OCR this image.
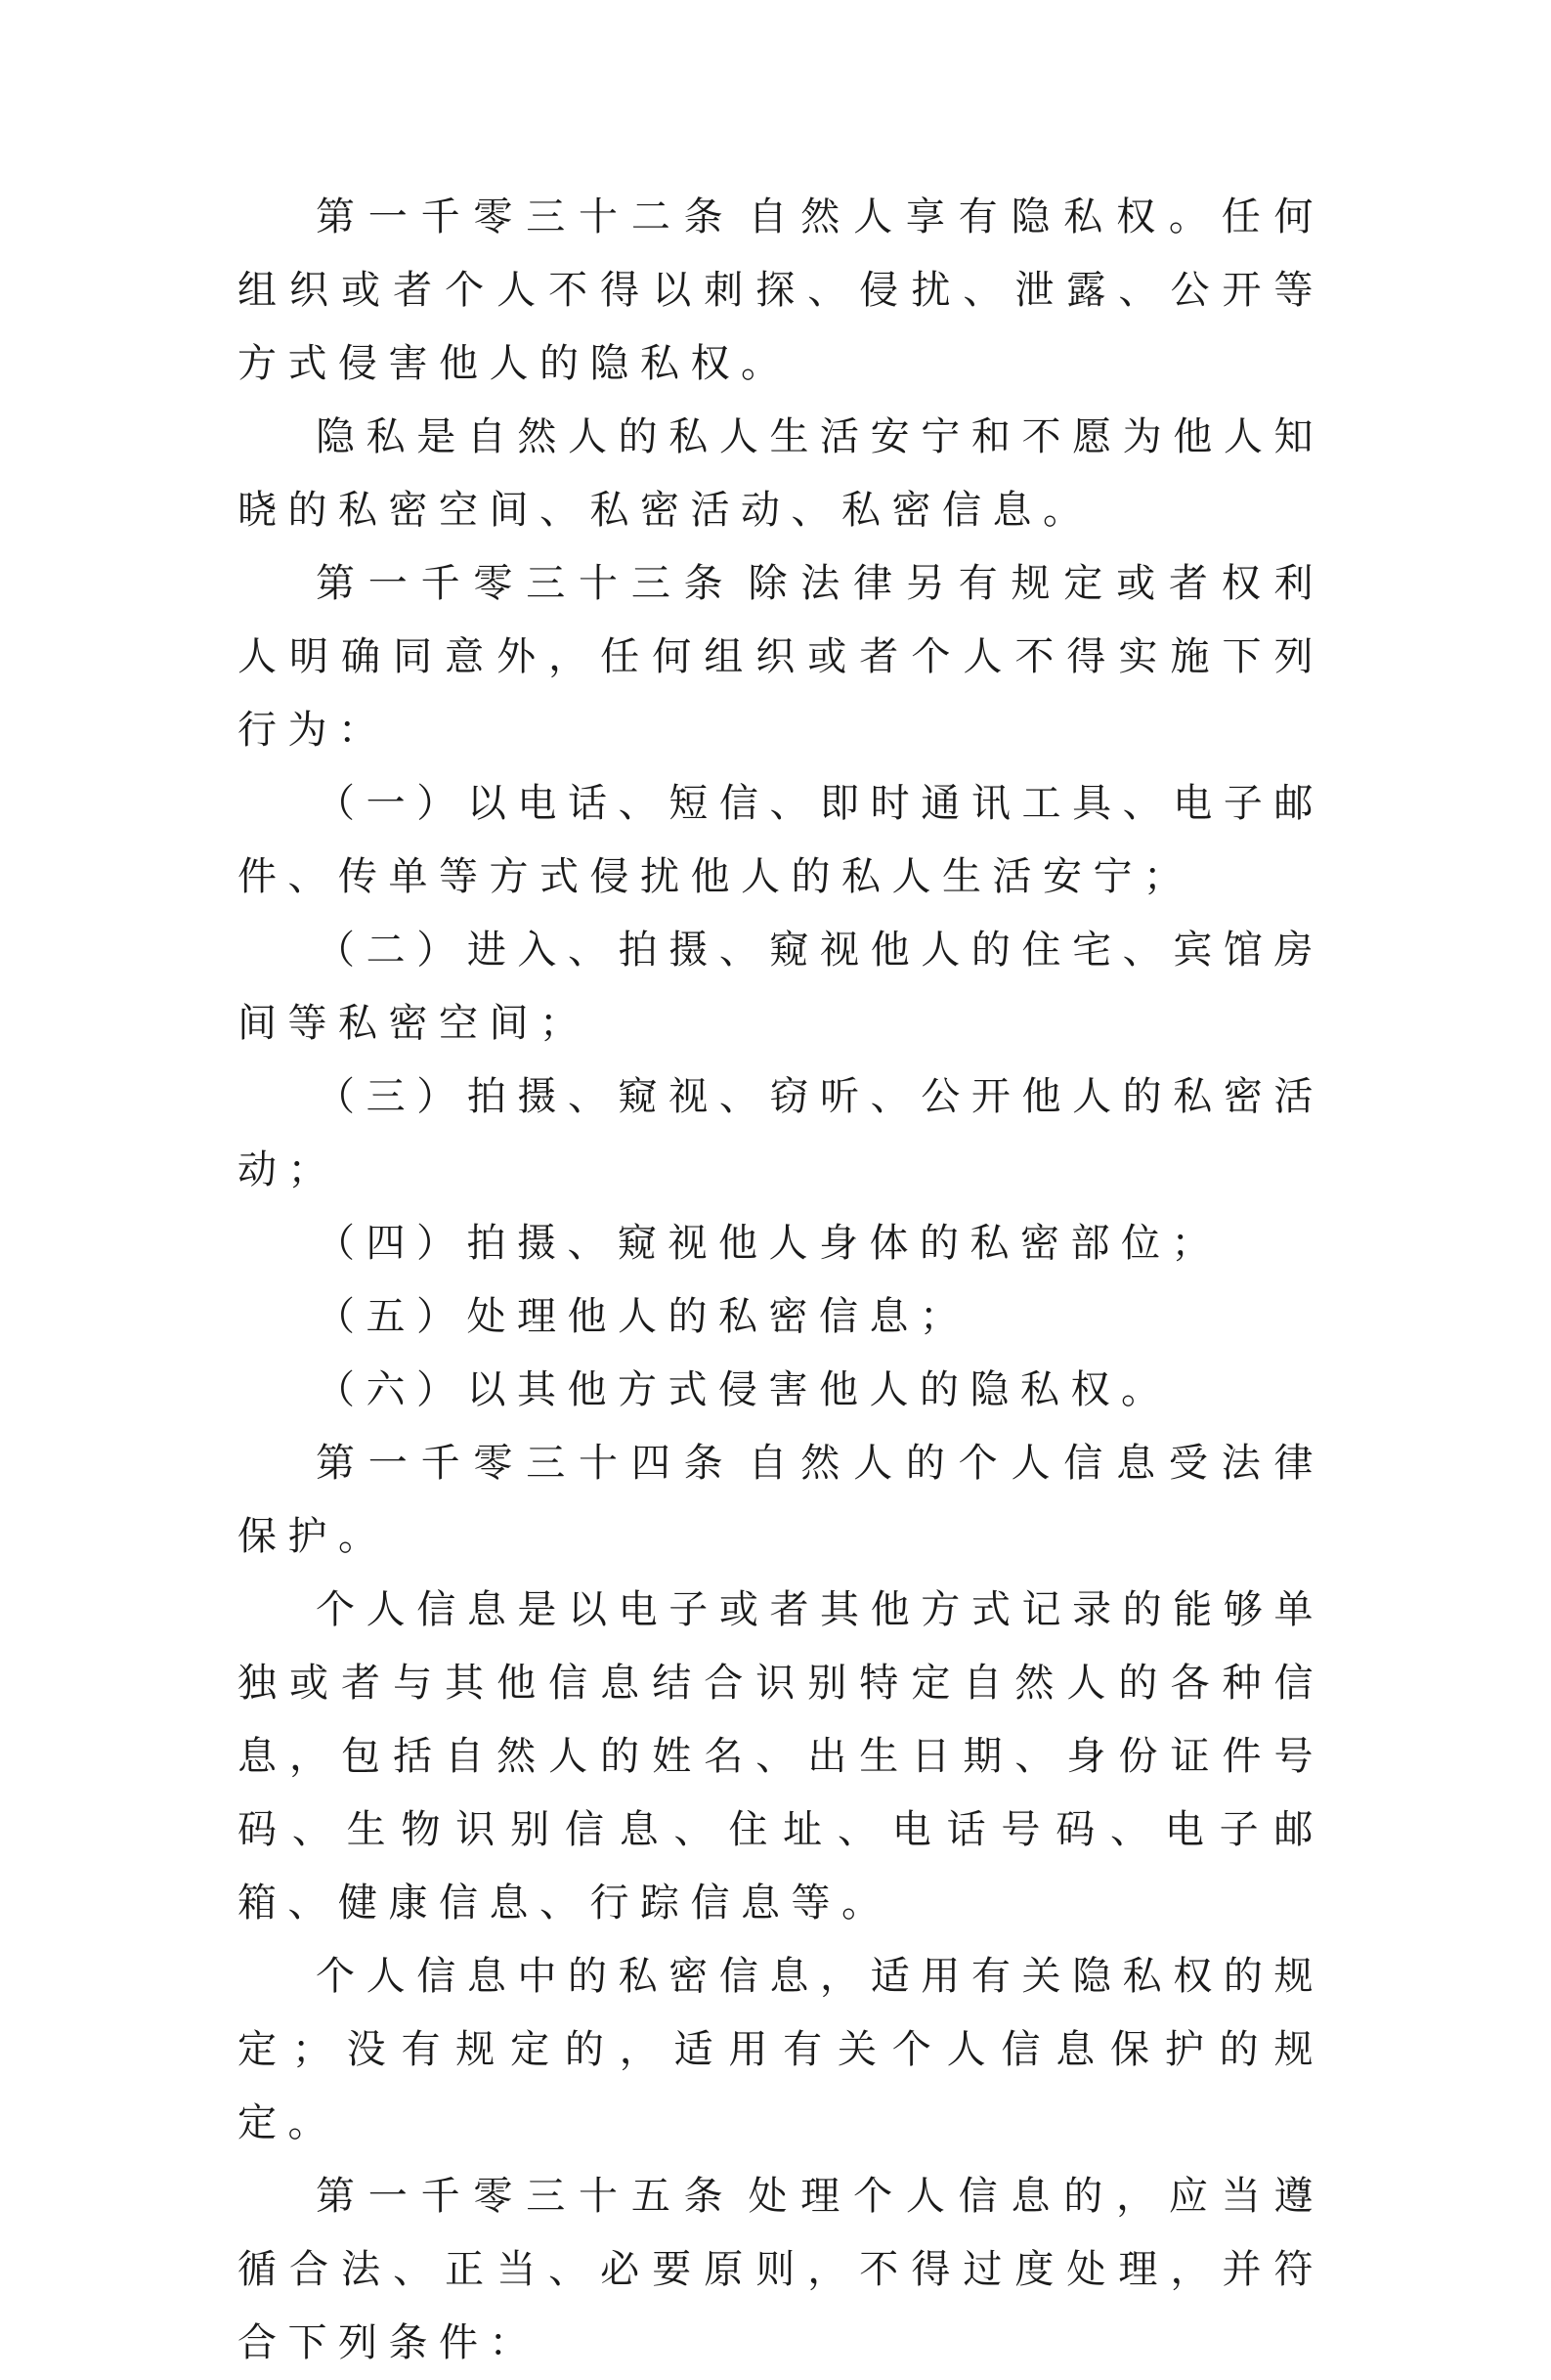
第一千零三十二条 自然人享有隐私权。任何组织或者个人不得以刺探、侵扰、泄露、公开等方式侵害他人的隐私权。

隐私是自然人的私人生活安宁和不愿为他人知晓的私密空间、私密活动、私密信息。

第一千零三十三条 除法律另有规定或者权利人明确同意外，任何组织或者个人不得实施下列行为：

（一）以电话、短信、即时通讯工具、电子邮件、传单等方式侵扰他人的私人生活安宁；

（二）进入、拍摄、窥视他人的住宅、宾馆房间等私密空间；

（三）拍摄、窥视、窃听、公开他人的私密活动；

（四）拍摄、窥视他人身体的私密部位；

（五）处理他人的私密信息；

（六）以其他方式侵害他人的隐私权。

第一千零三十四条 自然人的个人信息受法律保护。

个人信息是以电子或者其他方式记录的能够单独或者与其他信息结合识别特定自然人的各种信息，包括自然人的姓名、出生日期、身份证件号码、生物识别信息、住址、电话号码、电子邮箱、健康信息、行踪信息等。

个人信息中的私密信息，适用有关隐私权的规定；没有规定的，适用有关个人信息保护的规定。

第一千零三十五条 处理个人信息的，应当遵循合法、正当、必要原则，不得过度处理，并符合下列条件：
